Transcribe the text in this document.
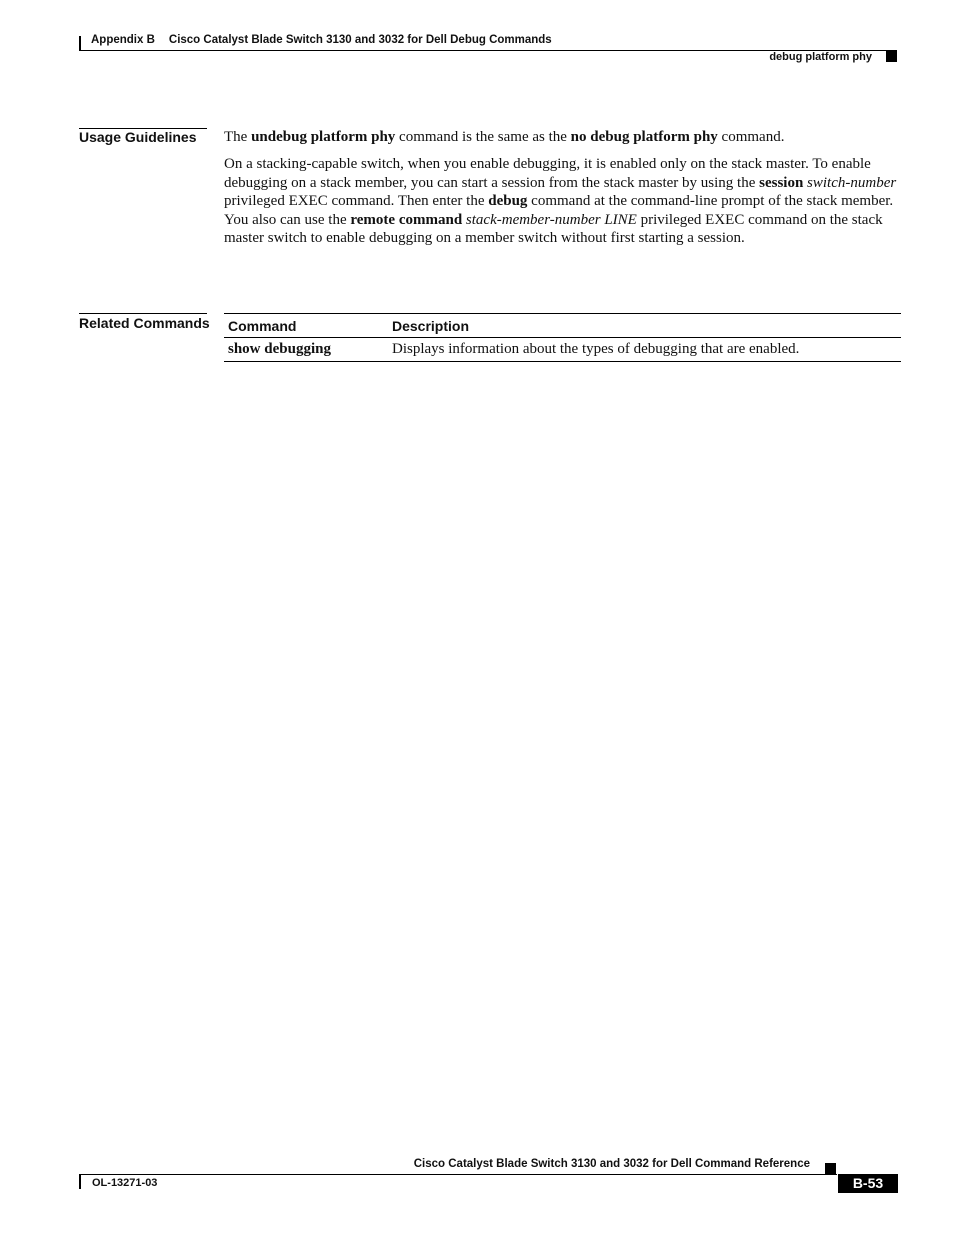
Appendix B Cisco Catalyst Blade Switch 3130 and 3032 for Dell Debug Commands
debug platform phy
Usage Guidelines The undebug platform phy command is the same as the no debug platform phy command.

On a stacking-capable switch, when you enable debugging, it is enabled only on the stack master. To enable debugging on a stack member, you can start a session from the stack master by using the session switch-number privileged EXEC command. Then enter the debug command at the command-line prompt of the stack member. You also can use the remote command stack-member-number LINE privileged EXEC command on the stack master switch to enable debugging on a member switch without first starting a session.

Related Commands Command	Description
show debugging	Displays information about the types of debugging that are enabled.
Cisco Catalyst Blade Switch 3130 and 3032 for Dell Command Reference
OL-13271-03	B-53
